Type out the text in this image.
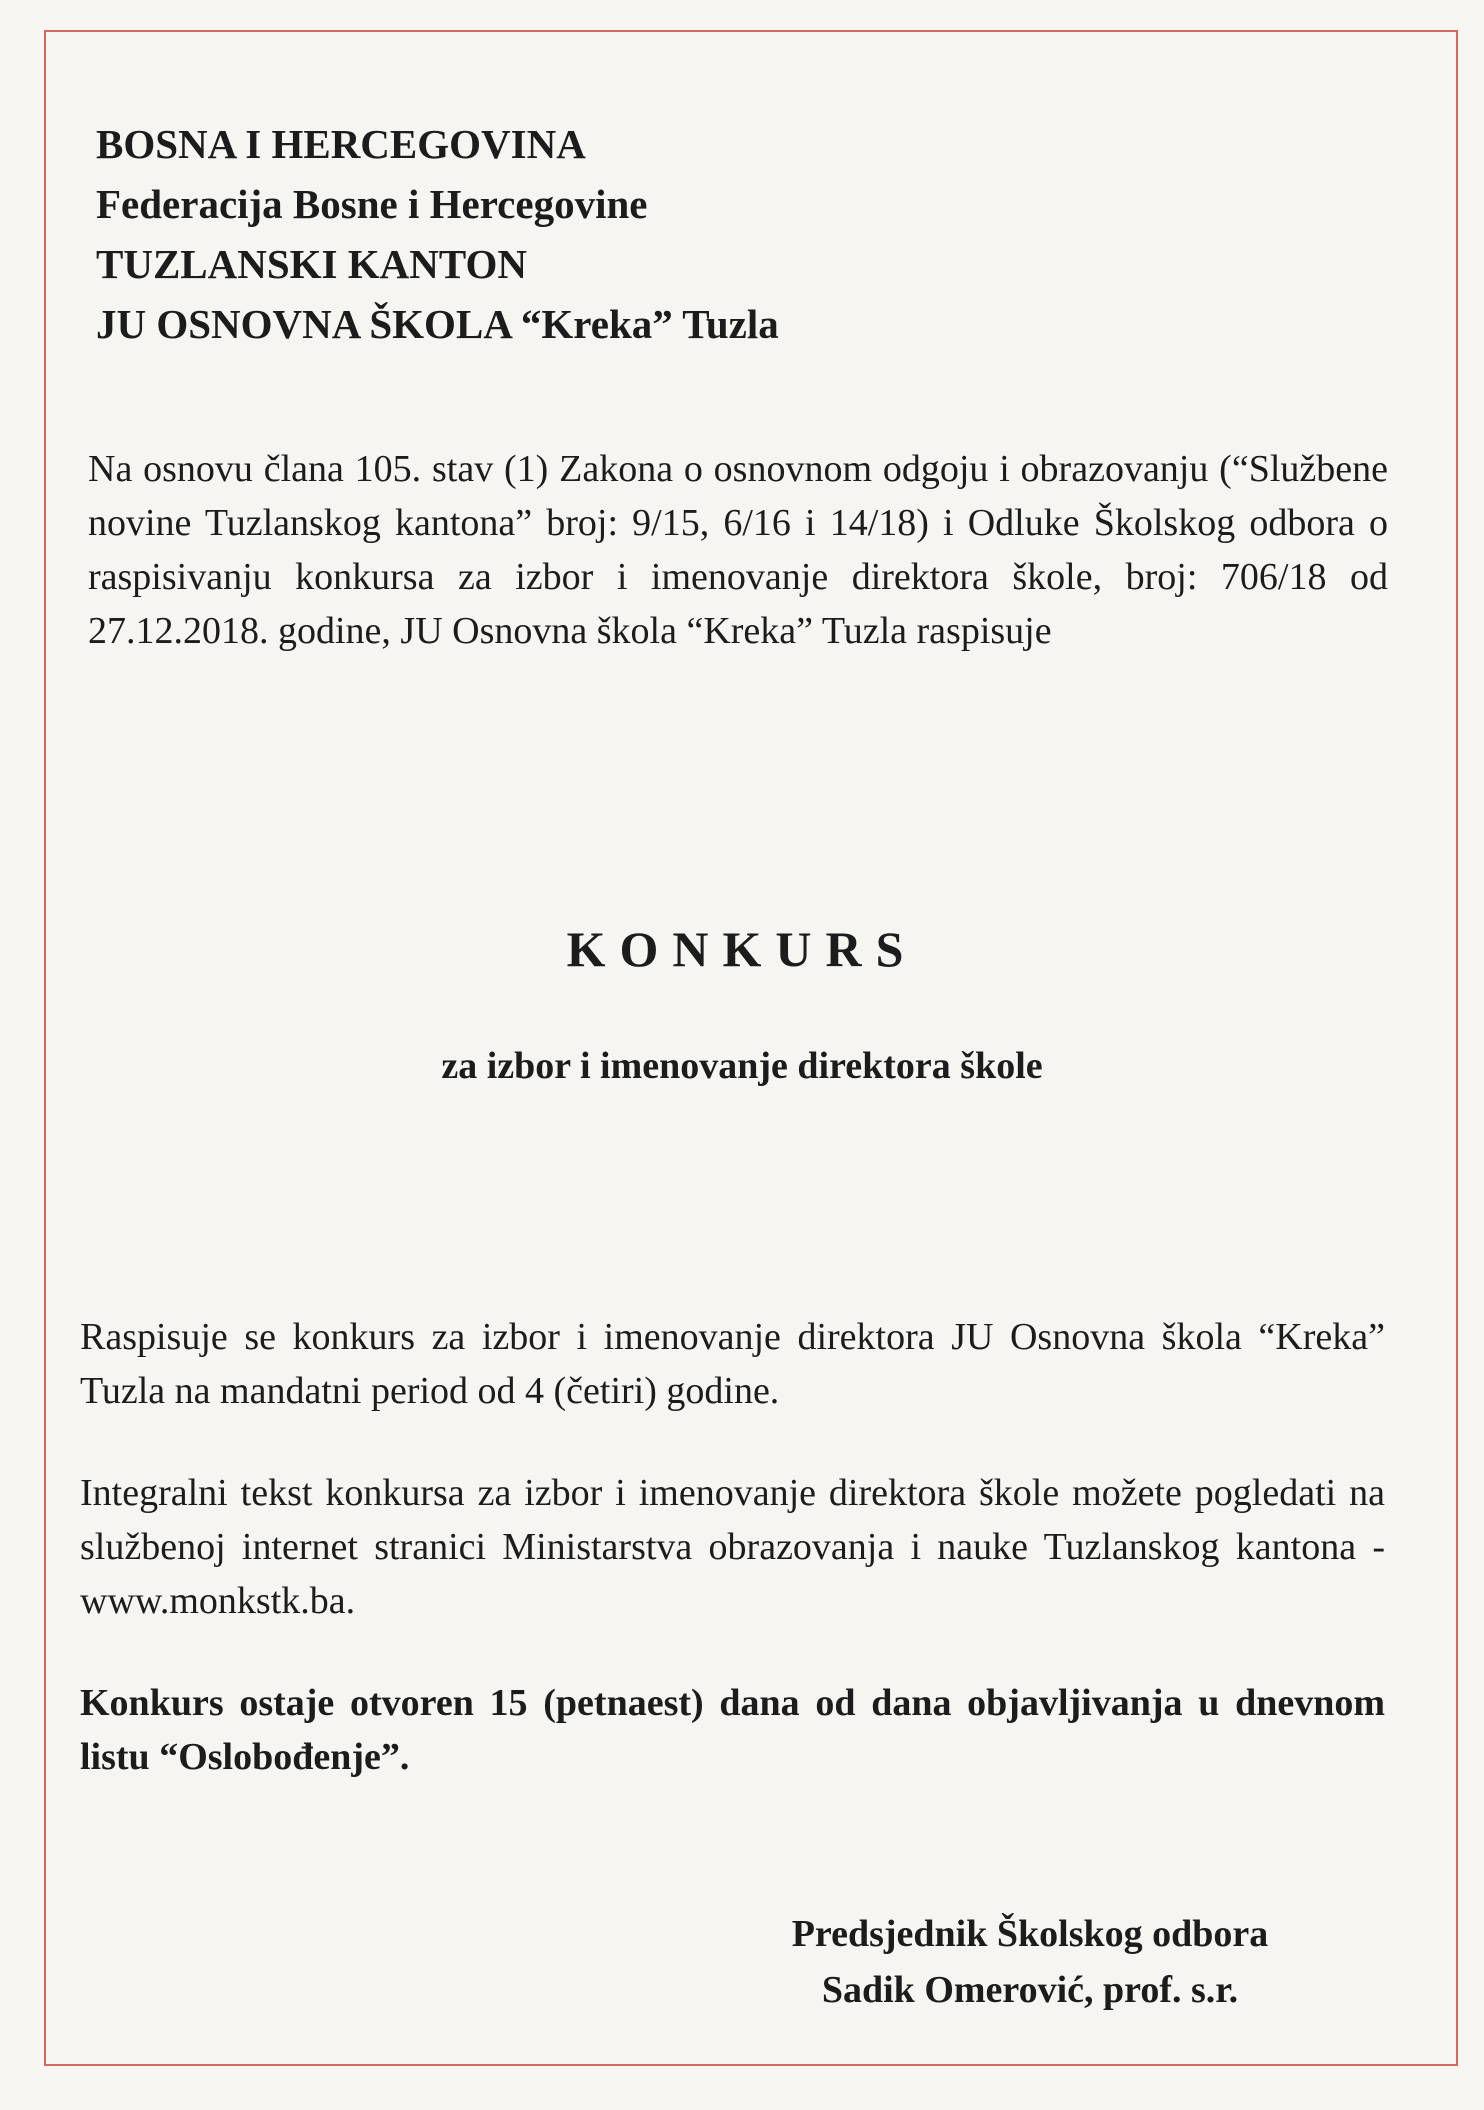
BOSNA I HERCEGOVINA
Federacija Bosne i Hercegovine
TUZLANSKI KANTON
JU OSNOVNA ŠKOLA “Kreka” Tuzla
Na osnovu člana 105. stav (1) Zakona o osnovnom odgoju i obrazovanju (“Službene novine Tuzlanskog kantona” broj: 9/15, 6/16 i 14/18) i Odluke Školskog odbora o raspisivanju konkursa za izbor i imenovanje direktora škole, broj: 706/18 od 27.12.2018. godine, JU Osnovna škola “Kreka” Tuzla raspisuje
KONKURS
za izbor i imenovanje direktora škole
Raspisuje se konkurs za izbor i imenovanje direktora JU Osnovna škola “Kreka” Tuzla na mandatni period od 4 (četiri) godine.
Integralni tekst konkursa za izbor i imenovanje direktora škole možete pogledati na službenoj internet stranici Ministarstva obrazovanja i nauke Tuzlanskog kantona - www.monkstk.ba.
Konkurs ostaje otvoren 15 (petnaest) dana od dana objavljivanja u dnevnom listu “Oslobođenje”.
Predsjednik Školskog odbora
Sadik Omerović, prof. s.r.
